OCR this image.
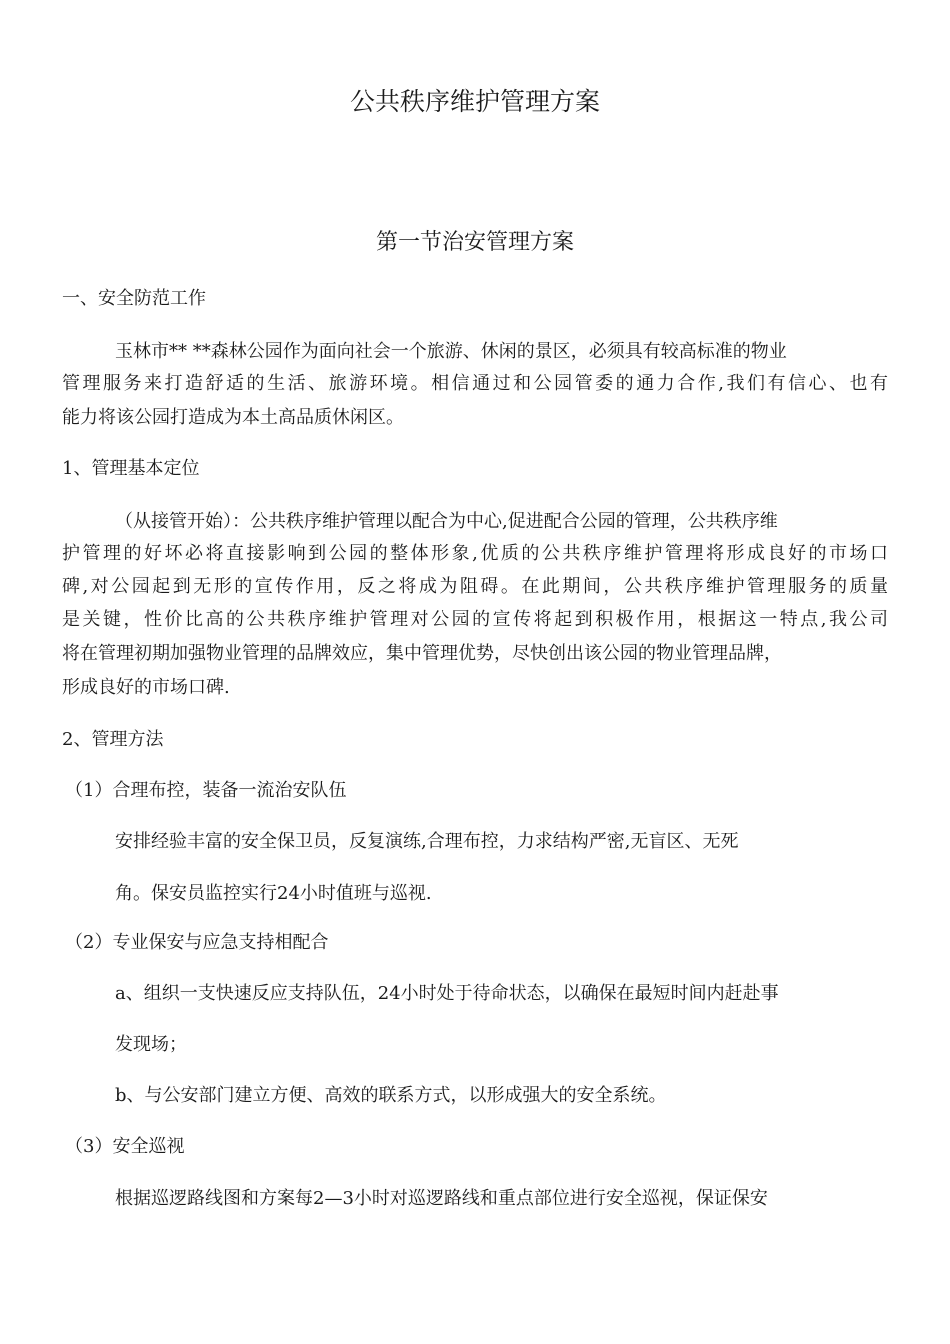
公共秩序维护管理方案
第一节治安管理方案
一、安全防范工作
玉林市** **森林公园作为面向社会一个旅游、休闲的景区，必须具有较高标准的物业
管理服务来打造舒适的生活、旅游环境。相信通过和公园管委的通力合作,我们有信心、也有
能力将该公园打造成为本土高品质休闲区。
1、管理基本定位
（从接管开始）：公共秩序维护管理以配合为中心,促进配合公园的管理，公共秩序维
护管理的好坏必将直接影响到公园的整体形象,优质的公共秩序维护管理将形成良好的市场口
碑,对公园起到无形的宣传作用，反之将成为阻碍。在此期间，公共秩序维护管理服务的质量
是关键，性价比高的公共秩序维护管理对公园的宣传将起到积极作用，根据这一特点,我公司
将在管理初期加强物业管理的品牌效应，集中管理优势，尽快创出该公园的物业管理品牌，
形成良好的市场口碑.
2、管理方法
（1）合理布控，装备一流治安队伍
安排经验丰富的安全保卫员，反复演练,合理布控，力求结构严密,无盲区、无死
角。保安员监控实行24小时值班与巡视.
（2）专业保安与应急支持相配合
a、组织一支快速反应支持队伍，24小时处于待命状态，以确保在最短时间内赶赴事
发现场；
b、与公安部门建立方便、高效的联系方式，以形成强大的安全系统。
（3）安全巡视
根据巡逻路线图和方案每2—3小时对巡逻路线和重点部位进行安全巡视，保证保安
